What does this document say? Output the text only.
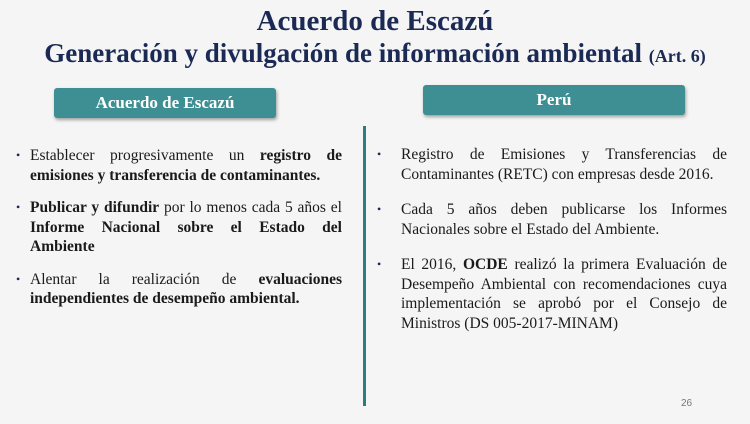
Acuerdo de Escazú
Generación y divulgación de información ambiental (Art. 6)
Acuerdo de Escazú	Perú
• Establecer progresivamente un registro de emisiones y transferencia de contaminantes.
• Publicar y difundir por lo menos cada 5 años el Informe Nacional sobre el Estado del Ambiente
• Alentar la realización de evaluaciones independientes de desempeño ambiental.
•	Registro de Emisiones y Transferencias de Contaminantes (RETC) con empresas desde 2016.
•	Cada 5 años deben publicarse los Informes Nacionales sobre el Estado del Ambiente.
•	El 2016, OCDE realizó la primera Evaluación de Desempeño Ambiental con recomendaciones cuya implementación se aprobó por el Consejo de Ministros (DS 005-2017-MINAM)
26
